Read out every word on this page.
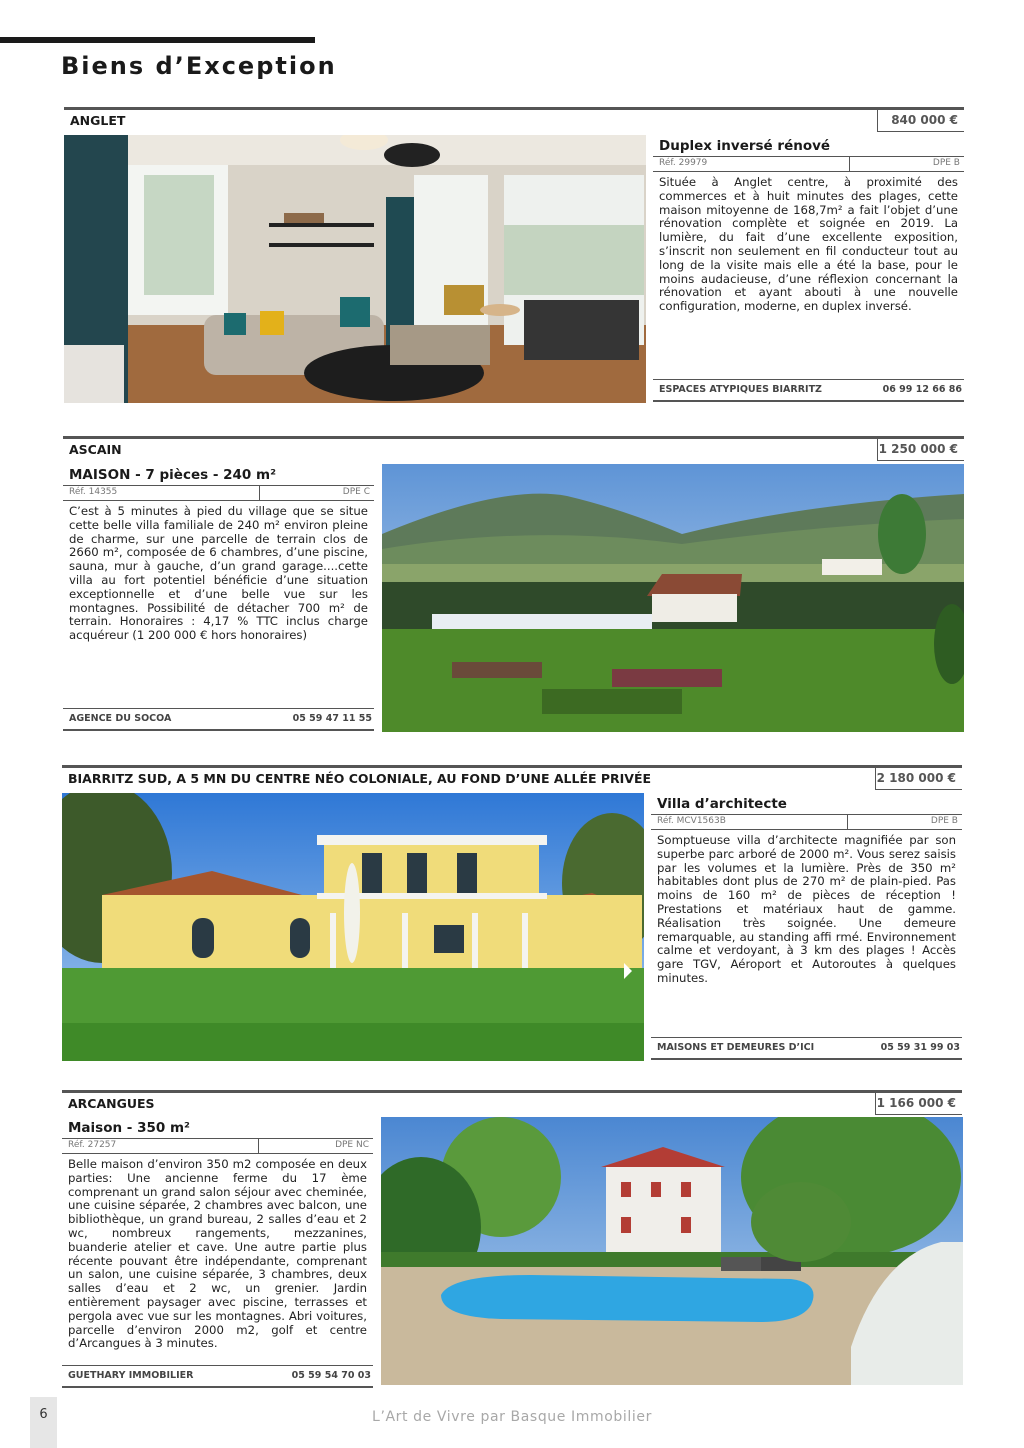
Biens d’Exception
ANGLET	840 000 €
Duplex inversé rénové
Réf. 29979	DPE B

Située à Anglet centre, à proximité des commerces et à huit minutes des plages, cette maison mitoyenne de 168,7m² a fait l’objet d’une rénovation complète et soignée en 2019. La lumière, du fait d’une excellente exposition, s’inscrit non seulement en fil conducteur tout au long de la visite mais elle a été la base, pour le moins audacieuse, d’une réflexion concernant la rénovation et ayant abouti à une nouvelle configuration, moderne, en duplex inversé.

ESPACES ATYPIQUES BIARRITZ	06 99 12 66 86
ASCAIN	1 250 000 €
MAISON - 7 pièces - 240 m²
Réf. 14355	DPE C

C’est à 5 minutes à pied du village que se situe cette belle villa familiale de 240 m² environ pleine de charme, sur une parcelle de terrain clos de 2660 m², composée de 6 chambres, d’une piscine, sauna, mur à gauche, d’un grand garage....cette villa au fort potentiel bénéficie d’une situation exceptionnelle et d’une belle vue sur les montagnes. Possibilité de détacher 700 m² de terrain. Honoraires : 4,17 % TTC inclus charge acquéreur (1 200 000 € hors honoraires)

AGENCE DU SOCOA	05 59 47 11 55
BIARRITZ SUD, A 5 MN DU CENTRE NÉO COLONIALE, AU FOND D’UNE ALLÉE PRIVÉE	2 180 000 €
Villa d’architecte
Réf. MCV1563B	DPE B

Somptueuse villa d’architecte magnifiée par son superbe parc arboré de 2000 m². Vous serez saisis par les volumes et la lumière. Près de 350 m² habitables dont plus de 270 m² de plain-pied. Pas moins de 160 m² de pièces de réception ! Prestations et matériaux haut de gamme. Réalisation très soignée. Une demeure remarquable, au standing affi rmé. Environnement calme et verdoyant, à 3 km des plages ! Accès gare TGV, Aéroport et Autoroutes à quelques minutes.

MAISONS ET DEMEURES D’ICI	05 59 31 99 03
ARCANGUES	1 166 000 €
Maison - 350 m²
Réf. 27257	DPE NC

Belle maison d’environ 350 m2 composée en deux parties: Une ancienne ferme du 17 ème comprenant un grand salon séjour avec cheminée, une cuisine séparée, 2 chambres avec balcon, une bibliothèque, un grand bureau, 2 salles d’eau et 2 wc, nombreux rangements, mezzanines, buanderie atelier et cave. Une autre partie plus récente pouvant être indépendante, comprenant un salon, une cuisine séparée, 3 chambres, deux salles d’eau et 2 wc, un grenier. Jardin entièrement paysager avec piscine, terrasses et pergola avec vue sur les montagnes. Abri voitures, parcelle d’environ 2000 m2, golf et centre d’Arcangues à 3 minutes.

GUETHARY IMMOBILIER	05 59 54 70 03
6	L’Art de Vivre par Basque Immobilier
